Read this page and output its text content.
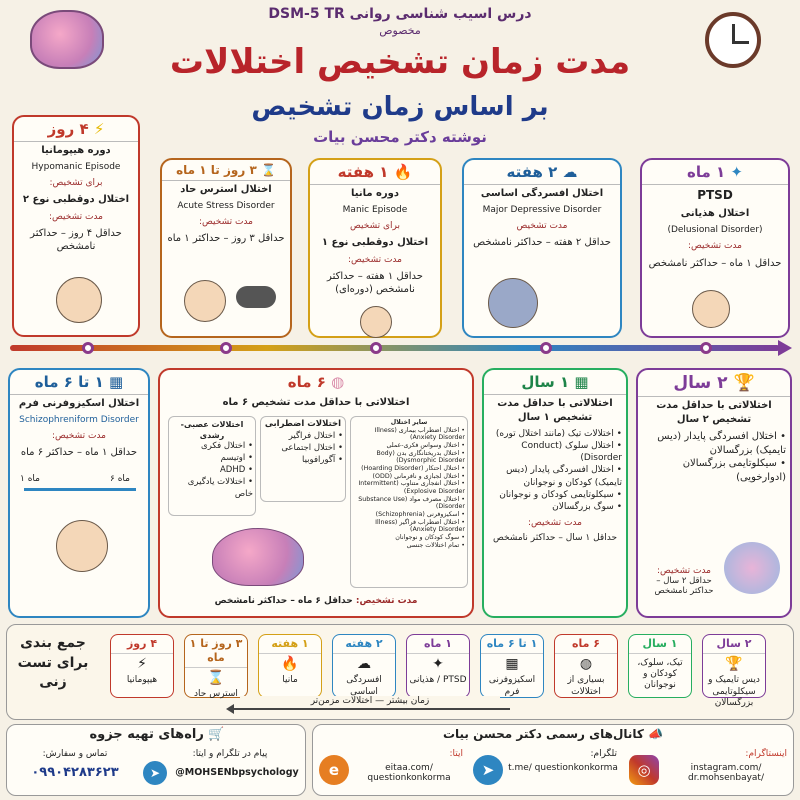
درس اسیب شناسی روانی DSM-5 TR
مخصوص
مدت زمان تشخیص اختلالات
بر اساس زمان تشخیص
نوشته دکتر محسن بیات
⚡ ۴ روز
دوره هیپومانیا
Hypomanic Episode
برای تشخیص:
اختلال دوقطبی نوع ۲
مدت تشخیص:
حداقل ۴ روز – حداکثر نامشخص
⌛ ۳ روز تا ۱ ماه
اختلال استرس حاد
Acute Stress Disorder
مدت تشخیص:
حداقل ۳ روز – حداکثر ۱ ماه
🔥 ۱ هفته
دوره مانیا
Manic Episode
برای تشخیص
اختلال دوقطبی نوع ۱
مدت تشخیص:
حداقل ۱ هفته – حداکثر نامشخص (دوره‌ای)
☁ ۲ هفته
اختلال افسردگی اساسی
Major Depressive Disorder
مدت تشخیص
حداقل ۲ هفته – حداکثر نامشخص
✦ ۱ ماه
PTSD
اختلال هذیانی
(Delusional Disorder)
مدت تشخیص:
حداقل ۱ ماه – حداکثر نامشخص
▦ ۱ تا ۶ ماه
اختلال اسکیزوفرنی فرم
Schizophreniform Disorder
مدت تشخیص:
حداقل ۱ ماه – حداکثر ۶ ماه
۱ ماه	۶ ماه
◍ ۶ ماه
اختلالاتی با حداقل مدت تشخیص ۶ ماه
سایر اختلال
• اختلال اضطراب بیماری (Illness Anxiety Disorder)
• اختلال وسواس فکری-عملی
• اختلال بدریختانگاری بدن (Body Dysmorphic Disorder)
• اختلال احتکار (Hoarding Disorder)
• اختلال لجبازی و نافرمانی (ODD)
• اختلال انفجاری متناوب (Intermittent Explosive Disorder)
• اختلال مصرف مواد (Substance Use Disorder)
• اسکیزوفرنی (Schizophrenia)
• اختلال اضطراب فراگیر (Illness Anxiety Disorder)
• سوگ کودکان و نوجوانان
• تمام اختلالات جنسی
اختلالات اضطرابی
• اختلال فراگیر
• اختلال اجتماعی
• آگورافوبیا
اختلالات عصبی-رشدی
• اختلال فکری
• اوتیسم
• ADHD
• اختلالات یادگیری خاص
مدت تشخیص: حداقل ۶ ماه – حداکثر نامشخص
▦ ۱ سال
اختلالاتی با حداقل مدت تشخیص ۱ سال
• اختلالات تیک (مانند اختلال توره)
• اختلال سلوک (Conduct Disorder)
• اختلال افسردگی پایدار (دیس تایمیک) کودکان و نوجوانان
• سیکلوتایمی کودکان و نوجوانان
• سوگ بزرگسالان
مدت تشخیص:
حداقل ۱ سال – حداکثر نامشخص
🏆 ۲ سال
اختلالاتی با حداقل مدت تشخیص ۲ سال
• اختلال افسردگی پایدار (دیس تایمیک) بزرگسالان
• سیکلوتایمی بزرگسالان (ادوارخویی)
مدت تشخیص:
حداقل ۲ سال – حداکثر نامشخص
جمع بندی برای تست زنی
۴ روز
⚡
هیپومانیا
۳ روز تا ۱ ماه
⌛
استرس حاد
۱ هفته
🔥
مانیا
۲ هفته
☁
افسردگی اساسی
۱ ماه
✦
PTSD / هذیانی
۱ تا ۶ ماه
▦
اسکیزوفرنی فرم
۶ ماه
◍
بسیاری از اختلالات
۱ سال
تیک، سلوک، کودکان و نوجوانان
۲ سال
🏆
دیس تایمیک و سیکلوتایمی بزرگسالان
زمان بیشتر — اختلالات مزمن‌تر
🛒 راه‌های تهیه جزوه
تماس و سفارش:
۰۹۹۰۴۲۸۳۶۲۳
پیام در تلگرام و ایتا:
➤	@MOHSENbpsychology
📣 کانال‌های رسمی دکتر محسن بیات
e
ایتا:
eitaa.com/ questionkonkorma	➤
تلگرام:
t.me/ questionkonkorma	◎
اینستاگرام:
instagram.com/ dr.mohsenbayat/
